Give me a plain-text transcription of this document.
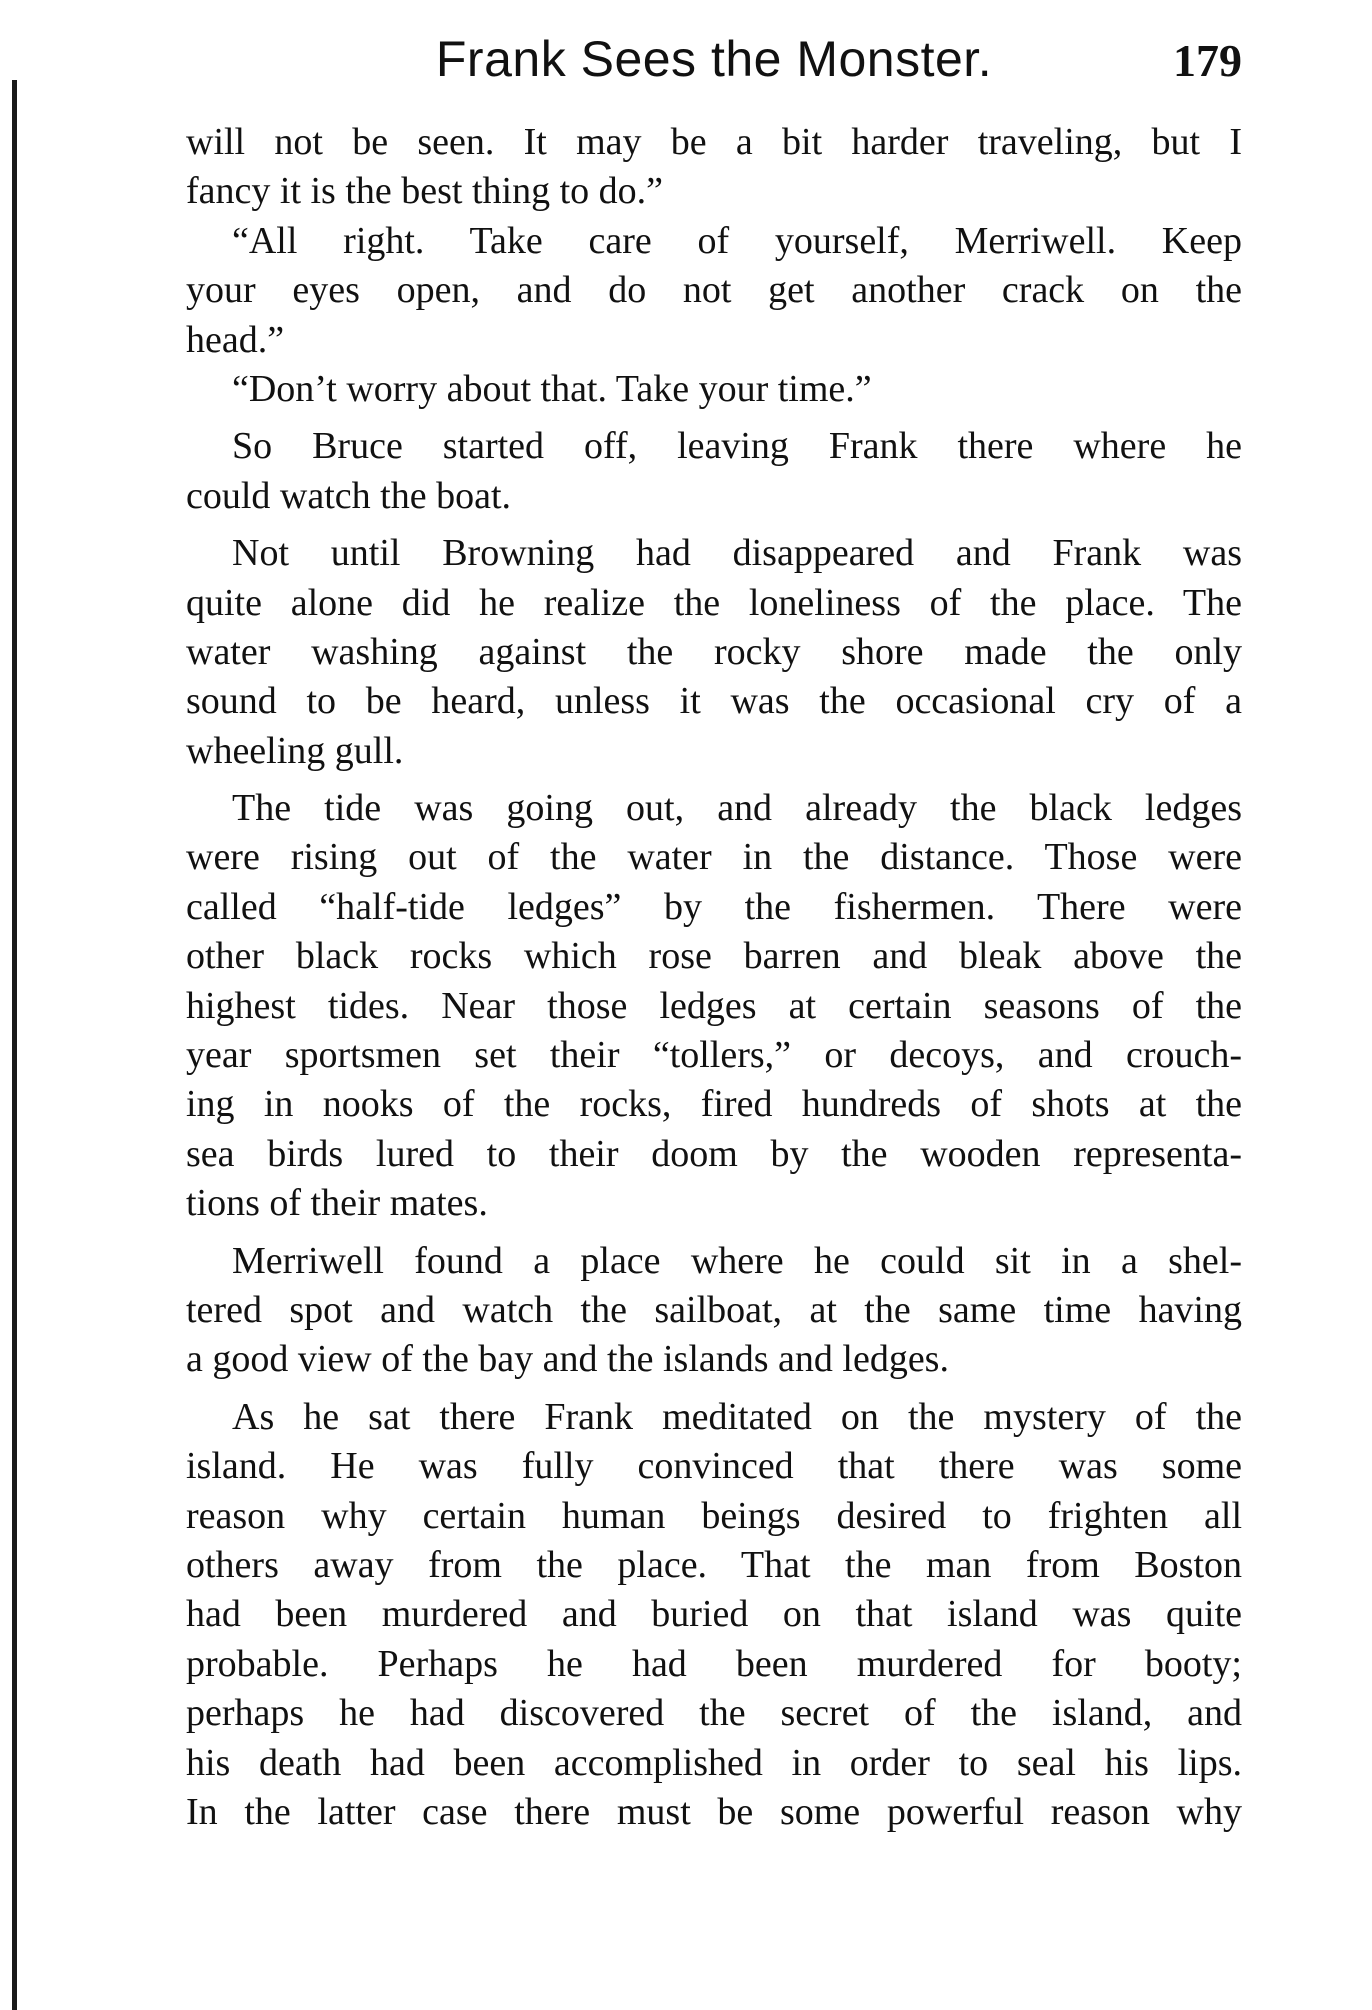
Frank Sees the Monster.	179
will not be seen. It may be a bit harder traveling, but I
fancy it is the best thing to do.”
“All right. Take care of yourself, Merriwell. Keep
your eyes open, and do not get another crack on the
head.”
“Don’t worry about that. Take your time.”
So Bruce started off, leaving Frank there where he
could watch the boat.
Not until Browning had disappeared and Frank was
quite alone did he realize the loneliness of the place. The
water washing against the rocky shore made the only
sound to be heard, unless it was the occasional cry of a
wheeling gull.
The tide was going out, and already the black ledges
were rising out of the water in the distance. Those were
called “half-tide ledges” by the fishermen. There were
other black rocks which rose barren and bleak above the
highest tides. Near those ledges at certain seasons of the
year sportsmen set their “tollers,” or decoys, and crouch-
ing in nooks of the rocks, fired hundreds of shots at the
sea birds lured to their doom by the wooden representa-
tions of their mates.
Merriwell found a place where he could sit in a shel-
tered spot and watch the sailboat, at the same time having
a good view of the bay and the islands and ledges.
As he sat there Frank meditated on the mystery of the
island. He was fully convinced that there was some
reason why certain human beings desired to frighten all
others away from the place. That the man from Boston
had been murdered and buried on that island was quite
probable. Perhaps he had been murdered for booty;
perhaps he had discovered the secret of the island, and
his death had been accomplished in order to seal his lips.
In the latter case there must be some powerful reason why
